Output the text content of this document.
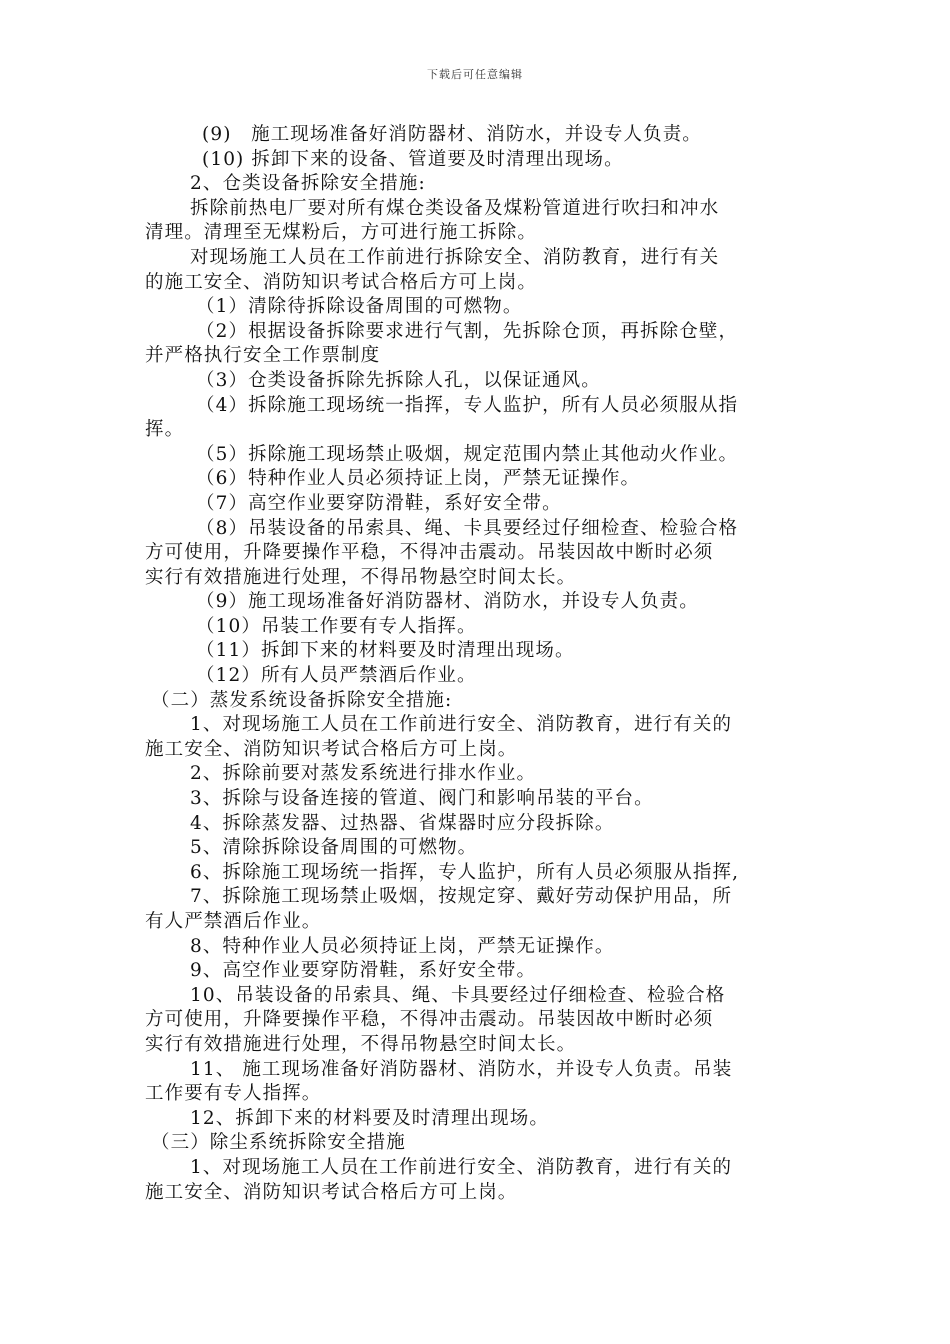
下载后可任意编辑
(9)　施工现场准备好消防器材、消防水，并设专人负责。
(10) 拆卸下来的设备、管道要及时清理出现场。
2、仓类设备拆除安全措施:
拆除前热电厂要对所有煤仓类设备及煤粉管道进行吹扫和冲水
清理。清理至无煤粉后，方可进行施工拆除。
对现场施工人员在工作前进行拆除安全、消防教育，进行有关
的施工安全、消防知识考试合格后方可上岗。
（1）清除待拆除设备周围的可燃物。
（2）根据设备拆除要求进行气割，先拆除仓顶，再拆除仓壁，
并严格执行安全工作票制度
（3）仓类设备拆除先拆除人孔，以保证通风。
（4）拆除施工现场统一指挥，专人监护，所有人员必须服从指
挥。
（5）拆除施工现场禁止吸烟，规定范围内禁止其他动火作业。
（6）特种作业人员必须持证上岗，严禁无证操作。
（7）高空作业要穿防滑鞋，系好安全带。
（8）吊装设备的吊索具、绳、卡具要经过仔细检查、检验合格
方可使用，升降要操作平稳，不得冲击震动。吊装因故中断时必须
实行有效措施进行处理，不得吊物悬空时间太长。
（9）施工现场准备好消防器材、消防水，并设专人负责。
（10）吊装工作要有专人指挥。
（11）拆卸下来的材料要及时清理出现场。
（12）所有人员严禁酒后作业。
（二）蒸发系统设备拆除安全措施:
1、对现场施工人员在工作前进行安全、消防教育，进行有关的
施工安全、消防知识考试合格后方可上岗。
2、拆除前要对蒸发系统进行排水作业。
3、拆除与设备连接的管道、阀门和影响吊装的平台。
4、拆除蒸发器、过热器、省煤器时应分段拆除。
5、清除拆除设备周围的可燃物。
6、拆除施工现场统一指挥，专人监护，所有人员必须服从指挥,
7、拆除施工现场禁止吸烟，按规定穿、戴好劳动保护用品，所
有人严禁酒后作业。
8、特种作业人员必须持证上岗，严禁无证操作。
9、高空作业要穿防滑鞋，系好安全带。
10、吊装设备的吊索具、绳、卡具要经过仔细检查、检验合格
方可使用，升降要操作平稳，不得冲击震动。吊装因故中断时必须
实行有效措施进行处理，不得吊物悬空时间太长。
11、 施工现场准备好消防器材、消防水，并设专人负责。吊装
工作要有专人指挥。
12、拆卸下来的材料要及时清理出现场。
（三）除尘系统拆除安全措施
1、对现场施工人员在工作前进行安全、消防教育，进行有关的
施工安全、消防知识考试合格后方可上岗。
